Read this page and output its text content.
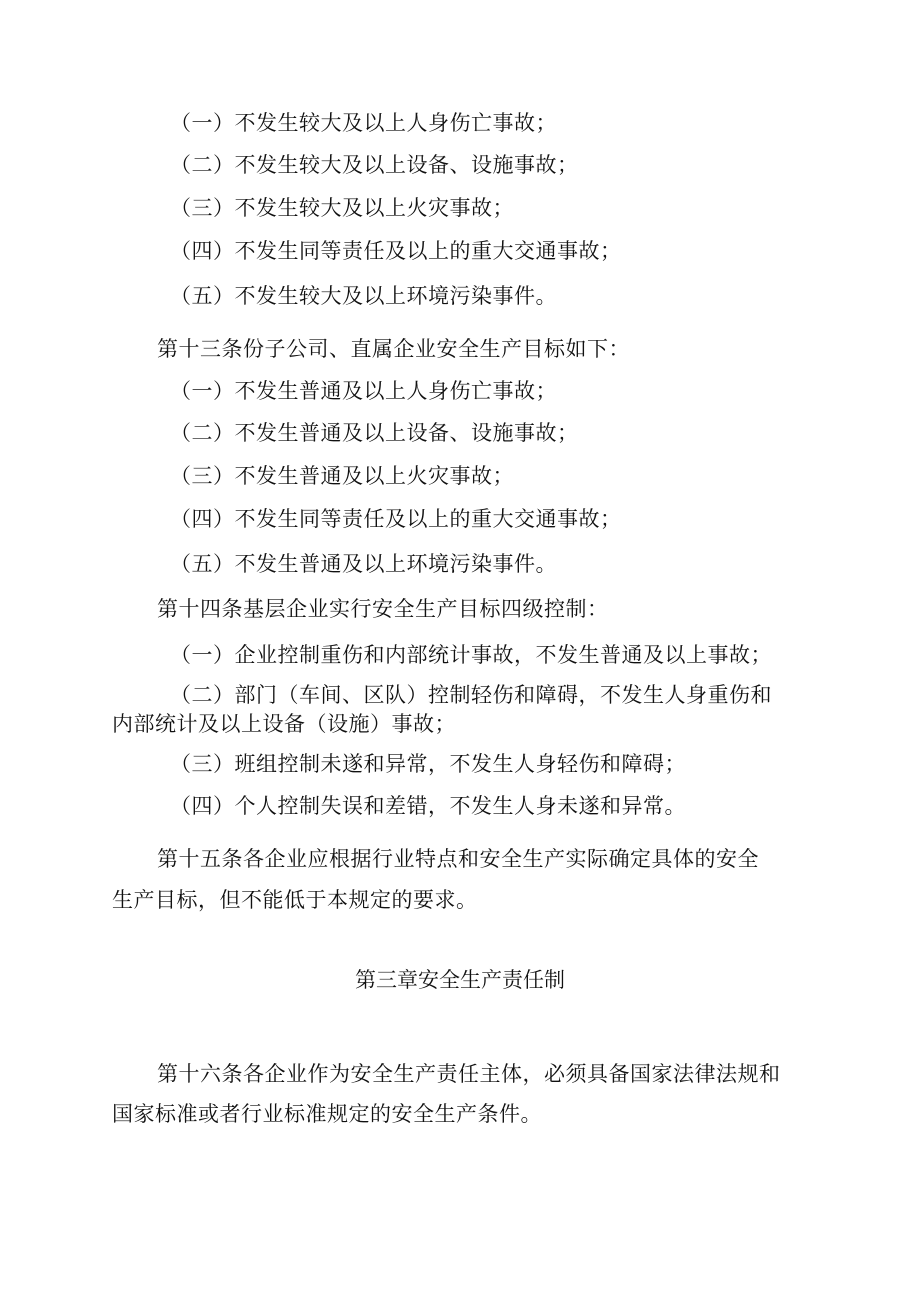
（一）不发生较大及以上人身伤亡事故；
（二）不发生较大及以上设备、设施事故；
（三）不发生较大及以上火灾事故；
（四）不发生同等责任及以上的重大交通事故；
（五）不发生较大及以上环境污染事件。
第十三条份子公司、直属企业安全生产目标如下：
（一）不发生普通及以上人身伤亡事故；
（二）不发生普通及以上设备、设施事故；
（三）不发生普通及以上火灾事故；
（四）不发生同等责任及以上的重大交通事故；
（五）不发生普通及以上环境污染事件。
第十四条基层企业实行安全生产目标四级控制：
（一）企业控制重伤和内部统计事故，不发生普通及以上事故；
（二）部门（车间、区队）控制轻伤和障碍，不发生人身重伤和
内部统计及以上设备（设施）事故；
（三）班组控制未遂和异常，不发生人身轻伤和障碍；
（四）个人控制失误和差错，不发生人身未遂和异常。
第十五条各企业应根据行业特点和安全生产实际确定具体的安全
生产目标，但不能低于本规定的要求。
第三章安全生产责任制
第十六条各企业作为安全生产责任主体，必须具备国家法律法规和
国家标准或者行业标准规定的安全生产条件。
